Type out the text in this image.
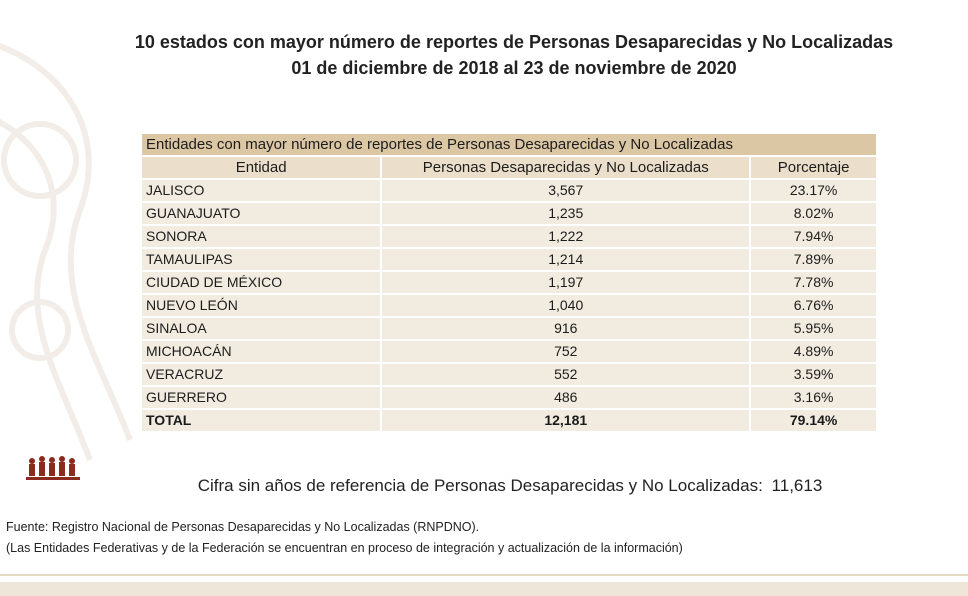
10 estados con mayor número de reportes de Personas Desaparecidas y No Localizadas
01 de diciembre de 2018 al 23 de noviembre de 2020
Entidades con mayor número de reportes de Personas Desaparecidas y No Localizadas		
Entidad	Personas Desaparecidas y No Localizadas	Porcentaje
JALISCO	3,567	23.17%
GUANAJUATO	1,235	8.02%
SONORA	1,222	7.94%
TAMAULIPAS	1,214	7.89%
CIUDAD DE MÉXICO	1,197	7.78%
NUEVO LEÓN	1,040	6.76%
SINALOA	916	5.95%
MICHOACÁN	752	4.89%
VERACRUZ	552	3.59%
GUERRERO	486	3.16%
TOTAL	12,181	79.14%
Cifra sin años de referencia de Personas Desaparecidas y No Localizadas: 11,613
Fuente: Registro Nacional de Personas Desaparecidas y No Localizadas (RNPDNO).
(Las Entidades Federativas y de la Federación se encuentran en proceso de integración y actualización de la información)
